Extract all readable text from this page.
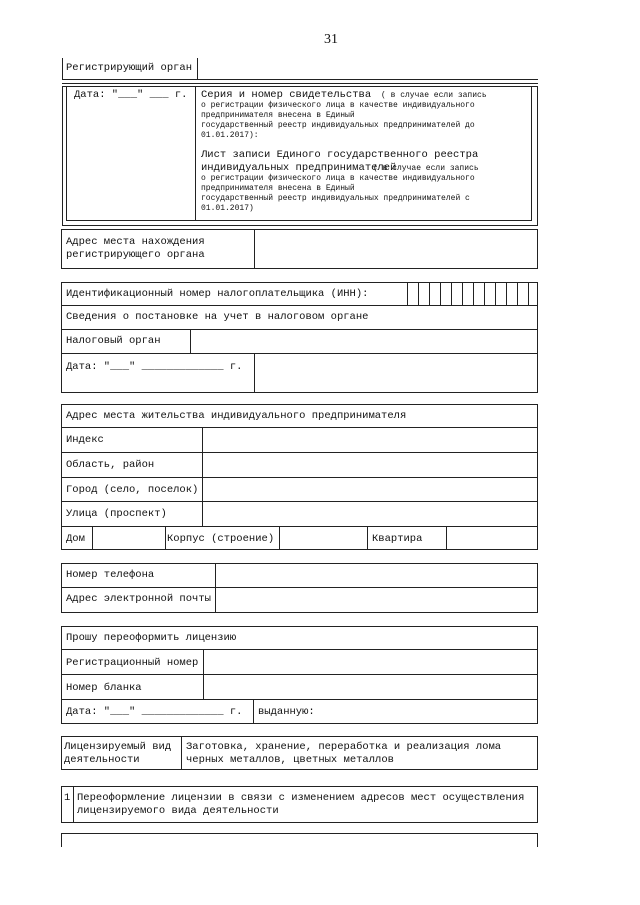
31
Регистрирующий орган
Дата: "___" ___ г. Серия и номер свидетельства ( в случае если запись
о регистрации физического лица в качестве индивидуального
предпринимателя внесена в Единый
государственный реестр индивидуальных предпринимателей до
01.01.2017):
Лист записи Единого государственного реестра
индивидуальных предпринимателей
( в случае если запись
о регистрации физического лица в качестве индивидуального
предпринимателя внесена в Единый
государственный реестр индивидуальных предпринимателей с
01.01.2017)
Адрес места нахождения
регистрирующего органа
Идентификационный номер налогоплательщика (ИНН):
Сведения о постановке на учет в налоговом органе
Налоговый орган
Дата: "___" _____________ г.
Адрес места жительства индивидуального предпринимателя
Индекс
Область, район
Город (село, поселок)
Улица (проспект)
Дом	Корпус (строение)	Квартира
Номер телефона
Адрес электронной почты
Прошу переоформить лицензию
Регистрационный номер
Номер бланка
Дата: "___" _____________ г. выданную:
Лицензируемый вид
деятельности
Заготовка, хранение, переработка и реализация лома
черных металлов, цветных металлов
1 Переоформление лицензии в связи с изменением адресов мест осуществления
лицензируемого вида деятельности
